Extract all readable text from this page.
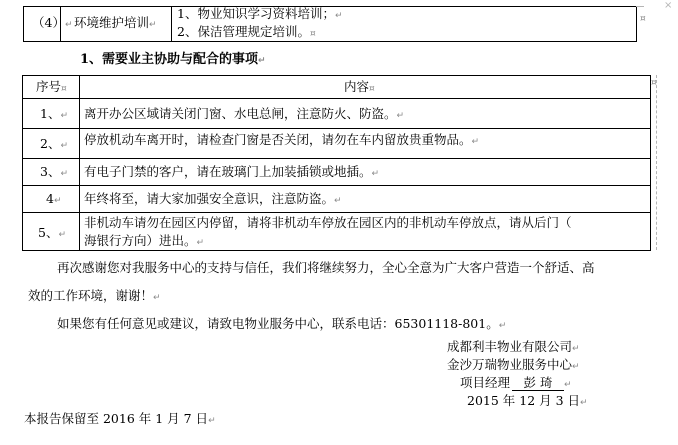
（4）↵ 环境维护培训↵
1、物业知识学习资料培训；↵
2、保洁管理规定培训。¤
¤
1、需要业主协助与配合的事项↵
序号¤	内容¤
¤
1、↵ 离开办公区域请关闭门窗、水电总闸，注意防火、防盗。↵
2、↵ 停放机动车离开时，请检查门窗是否关闭，请勿在车内留放贵重物品。↵
3、↵ 有电子门禁的客户，请在玻璃门上加装插锁或地插。↵
4↵ 年终将至，请大家加强安全意识，注意防盗。↵
5、↵
非机动车请勿在园区内停留，请将非机动车停放在园区内的非机动车停放点，请从后门（
海银行方向）进出。↵
再次感谢您对我服务中心的支持与信任，我们将继续努力，全心全意为广大客户营造一个舒适、高
效的工作环境，谢谢！↵
如果您有任何意见或建议，请致电物业服务中心，联系电话：65301118-801。↵
成都利丰物业有限公司↵
金沙万瑞物业服务中心↵
项目经理 彭 琦 ↵
2015 年 12 月 3 日↵
本报告保留至 2016 年 1 月 7 日↵
×
